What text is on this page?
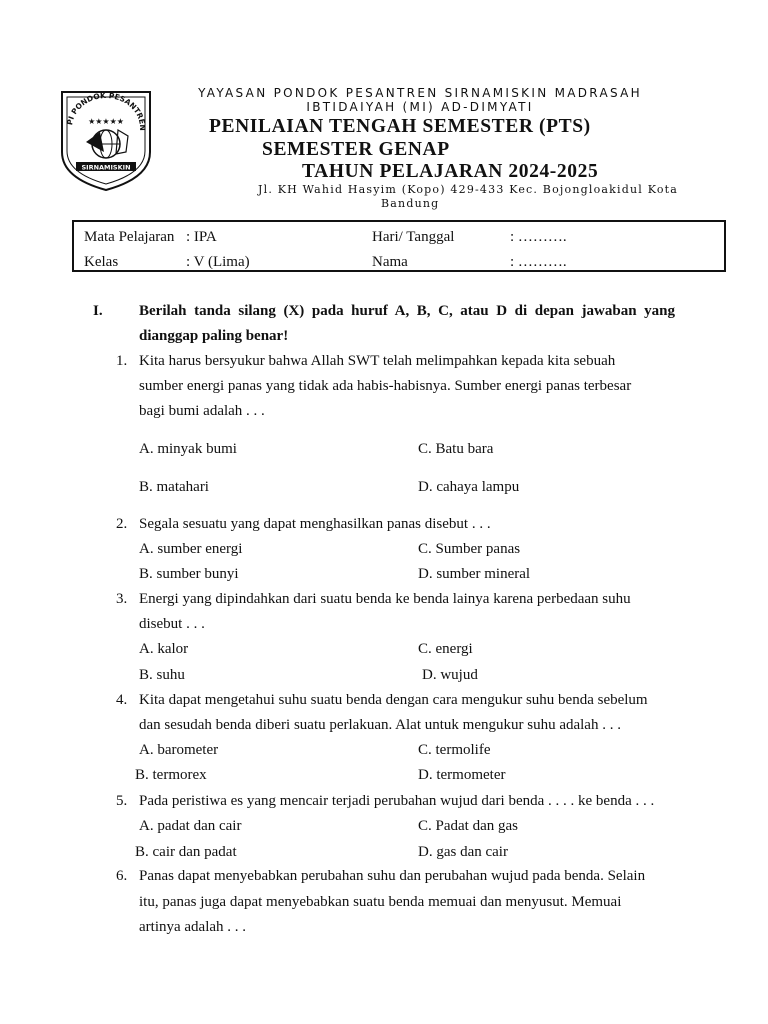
PI PONDOK PESANTREN
★★★★★
SIRNAMISKIN
YAYASAN PONDOK PESANTREN SIRNAMISKIN MADRASAH
IBTIDAIYAH (MI) AD-DIMYATI
PENILAIAN TENGAH SEMESTER (PTS)
SEMESTER GENAP
TAHUN PELAJARAN 2024-2025
Jl. KH Wahid Hasyim (Kopo) 429-433 Kec. Bojongloakidul Kota
Bandung
Mata Pelajaran : IPA	Hari/ Tanggal	: ……….
Kelas	: V (Lima)	Nama	: ……….
I. Berilah tanda silang (X) pada huruf A, B, C, atau D di depan jawaban yang
dianggap paling benar!
1. Kita harus bersyukur bahwa Allah SWT telah melimpahkan kepada kita sebuah
sumber energi panas yang tidak ada habis-habisnya. Sumber energi panas terbesar
bagi bumi adalah . . .
A. minyak bumi	C. Batu bara
B. matahari	D. cahaya lampu
2. Segala sesuatu yang dapat menghasilkan panas disebut . . .
A. sumber energi	C. Sumber panas
B. sumber bunyi	D. sumber mineral
3. Energi yang dipindahkan dari suatu benda ke benda lainya karena perbedaan suhu
disebut . . .
A. kalor	C. energi
B. suhu	D. wujud
4. Kita dapat mengetahui suhu suatu benda dengan cara mengukur suhu benda sebelum
dan sesudah benda diberi suatu perlakuan. Alat untuk mengukur suhu adalah . . .
A. barometer	C. termolife
B. termorex	D. termometer
5. Pada peristiwa es yang mencair terjadi perubahan wujud dari benda . . . . ke benda . . .
A. padat dan cair	C. Padat dan gas
B. cair dan padat	D. gas dan cair
6. Panas dapat menyebabkan perubahan suhu dan perubahan wujud pada benda. Selain
itu, panas juga dapat menyebabkan suatu benda memuai dan menyusut. Memuai
artinya adalah . . .
